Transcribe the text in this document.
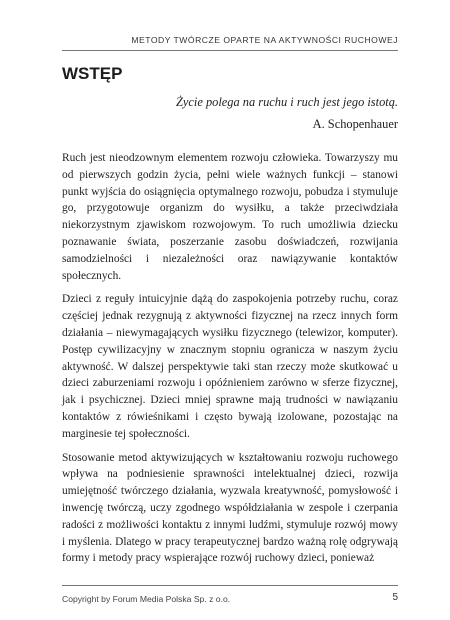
METODY TWÓRCZE OPARTE NA AKTYWNOŚCI RUCHOWEJ

WSTĘP

Życie polega na ruchu i ruch jest jego istotą.

A. Schopenhauer

Ruch jest nieodzownym elementem rozwoju człowieka. Towarzyszy mu od pierwszych godzin życia, pełni wiele ważnych funkcji – stanowi punkt wyjścia do osiągnięcia optymalnego rozwoju, pobudza i stymuluje go, przygotowuje organizm do wysiłku, a także przeciwdziała niekorzystnym zjawiskom rozwojowym. To ruch umożliwia dziecku poznawanie świata, poszerzanie zasobu doświadczeń, rozwijania samodzielności i niezależności oraz nawiązywanie kontaktów społecznych.

Dzieci z reguły intuicyjnie dążą do zaspokojenia potrzeby ruchu, coraz częściej jednak rezygnują z aktywności fizycznej na rzecz innych form działania – niewymagających wysiłku fizycznego (telewizor, komputer). Postęp cywilizacyjny w znacznym stopniu ogranicza w naszym życiu aktywność. W dalszej perspektywie taki stan rzeczy może skutkować u dzieci zaburzeniami rozwoju i opóźnieniem zarówno w sferze fizycznej, jak i psychicznej. Dzieci mniej sprawne mają trudności w nawiązaniu kontaktów z rówieśnikami i często bywają izolowane, pozostając na marginesie tej społeczności.

Stosowanie metod aktywizujących w kształtowaniu rozwoju ruchowego wpływa na podniesienie sprawności intelektualnej dzieci, rozwija umiejętność twórczego działania, wyzwala kreatywność, pomysłowość i inwencję twórczą, uczy zgodnego współdziałania w zespole i czerpania radości z możliwości kontaktu z innymi ludźmi, stymuluje rozwój mowy i myślenia. Dlatego w pracy terapeutycznej bardzo ważną rolę odgrywają formy i metody pracy wspierające rozwój ruchowy dzieci, ponieważ

Copyright by Forum Media Polska Sp. z o.o.	5
